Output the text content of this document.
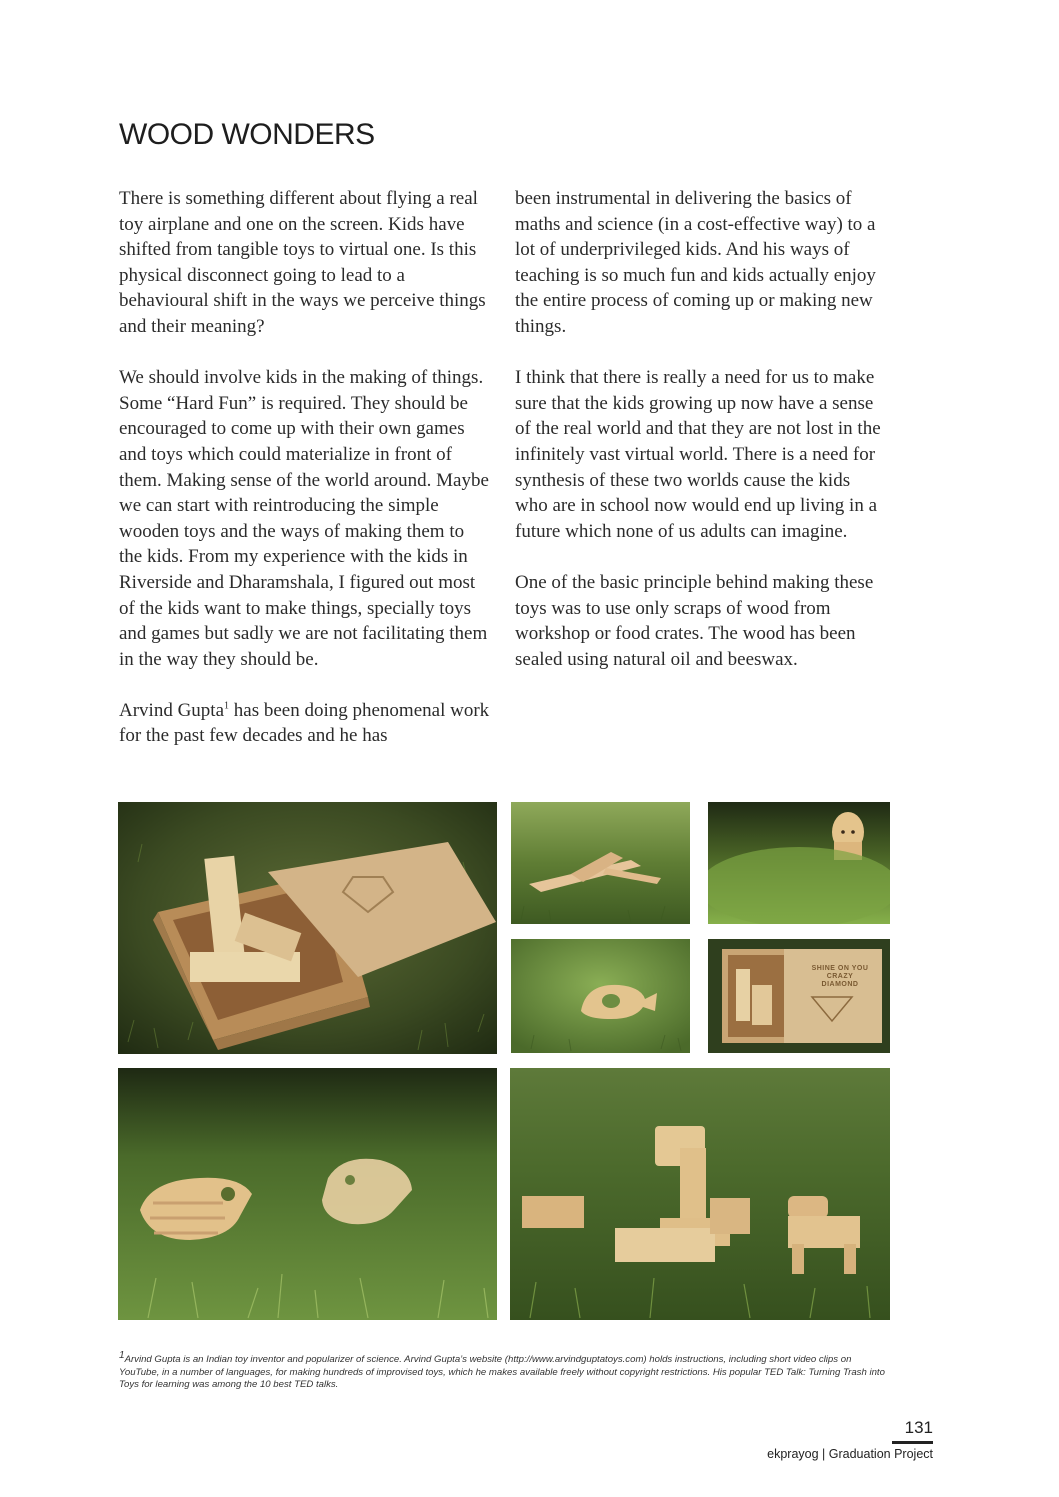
WOOD WONDERS

There is something different about flying a real toy airplane and one on the screen. Kids have shifted from tangible toys to virtual one. Is this physical disconnect going to lead to a behavioural shift in the ways we perceive things and their meaning?

We should involve kids in the making of things. Some “Hard Fun” is required. They should be encouraged to come up with their own games and toys which could materialize in front of them. Making sense of the world around. Maybe we can start with reintroducing the simple wooden toys and the ways of making them to the kids. From my experience with the kids in Riverside and Dharamshala, I figured out most of the kids want to make things, specially toys and games but sadly we are not facilitating them in the way they should be.

Arvind Gupta$^1$ has been doing phenomenal work for the past few decades and he has

been instrumental in delivering the basics of maths and science (in a cost-effective way) to a lot of underprivileged kids. And his ways of teaching is so much fun and kids actually enjoy the entire process of coming up or making new things.

I think that there is really a need for us to make sure that the kids growing up now have a sense of the real world and that they are not lost in the infinitely vast virtual world. There is a need for synthesis of these two worlds cause the kids who are in school now would end up living in a future which none of us adults can imagine.

One of the basic principle behind making these toys was to use only scraps of wood from workshop or food crates. The wood has been sealed using natural oil and beeswax.

SHINE ON YOU CRAZY DIAMOND
$^1$Arvind Gupta is an Indian toy inventor and popularizer of science. Arvind Gupta’s website (http://www.arvindguptatoys.com) holds instructions, including short video clips on YouTube, in a number of languages, for making hundreds of improvised toys, which he makes available freely without copyright restrictions. His popular TED Talk: Turning Trash into Toys for learning was among the 10 best TED talks.
131
ekprayog | Graduation Project
